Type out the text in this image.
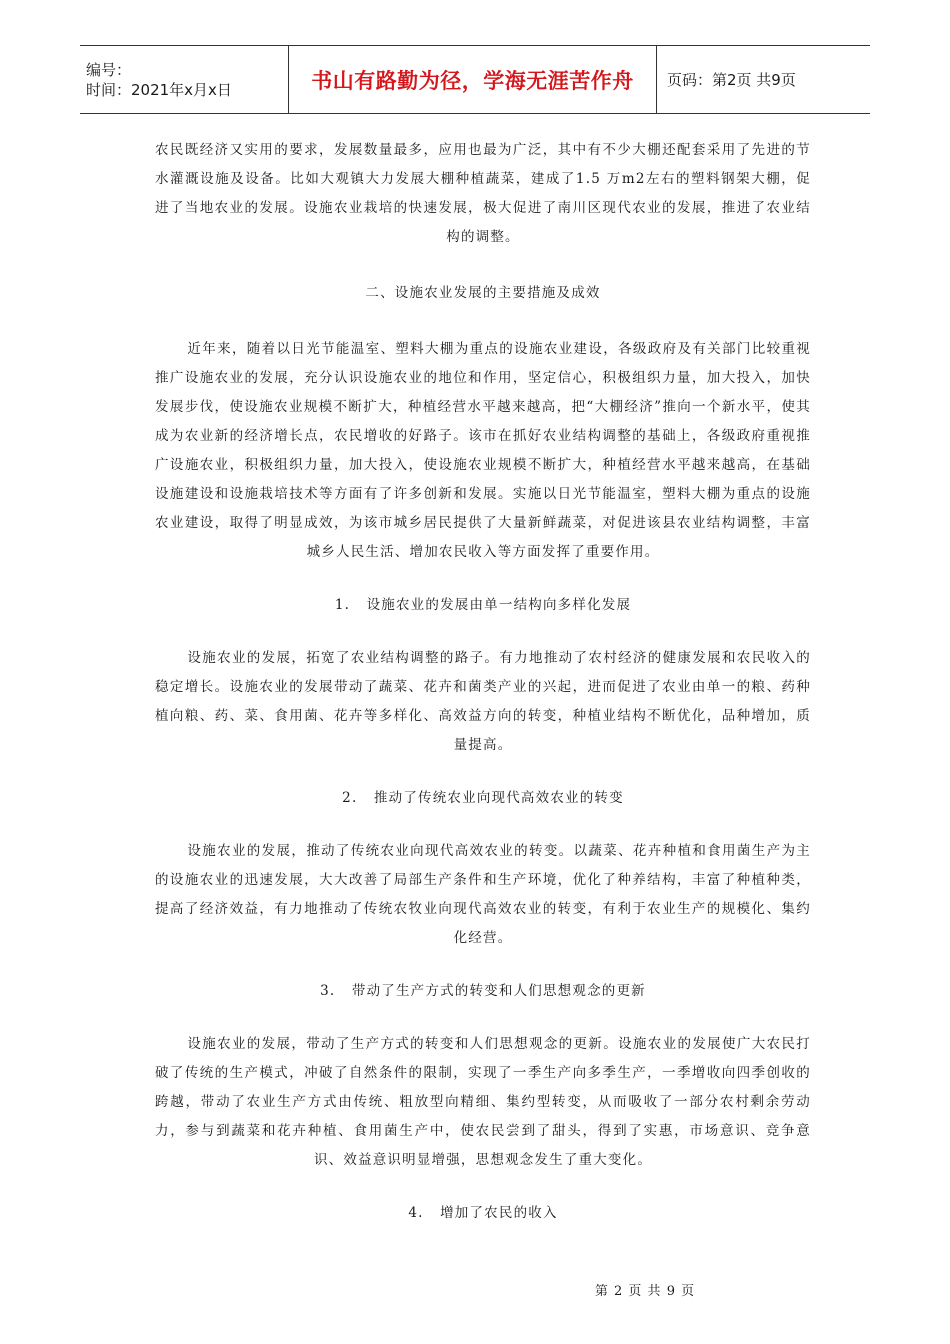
编号：
时间：2021年x月x日	书山有路勤为径，学海无涯苦作舟	页码：第2页 共9页

农民既经济又实用的要求，发展数量最多，应用也最为广泛，其中有不少大棚还配套采用了先进的节水灌溉设施及设备。比如大观镇大力发展大棚种植蔬菜，建成了1.5 万m2左右的塑料钢架大棚，促进了当地农业的发展。设施农业栽培的快速发展，极大促进了南川区现代农业的发展，推进了农业结构的调整。

二、设施农业发展的主要措施及成效

近年来，随着以日光节能温室、塑料大棚为重点的设施农业建设，各级政府及有关部门比较重视推广设施农业的发展，充分认识设施农业的地位和作用，坚定信心，积极组织力量，加大投入，加快发展步伐，使设施农业规模不断扩大，种植经营水平越来越高，把“大棚经济”推向一个新水平，使其成为农业新的经济增长点，农民增收的好路子。该市在抓好农业结构调整的基础上，各级政府重视推广设施农业，积极组织力量，加大投入，使设施农业规模不断扩大，种植经营水平越来越高，在基础设施建设和设施栽培技术等方面有了许多创新和发展。实施以日光节能温室，塑料大棚为重点的设施农业建设，取得了明显成效，为该市城乡居民提供了大量新鲜蔬菜，对促进该县农业结构调整，丰富城乡人民生活、增加农民收入等方面发挥了重要作用。

1.   设施农业的发展由单一结构向多样化发展

设施农业的发展，拓宽了农业结构调整的路子。有力地推动了农村经济的健康发展和农民收入的稳定增长。设施农业的发展带动了蔬菜、花卉和菌类产业的兴起，进而促进了农业由单一的粮、药种植向粮、药、菜、食用菌、花卉等多样化、高效益方向的转变，种植业结构不断优化，品种增加，质量提高。

2.   推动了传统农业向现代高效农业的转变

设施农业的发展，推动了传统农业向现代高效农业的转变。以蔬菜、花卉种植和食用菌生产为主的设施农业的迅速发展，大大改善了局部生产条件和生产环境，优化了种养结构，丰富了种植种类，提高了经济效益，有力地推动了传统农牧业向现代高效农业的转变，有利于农业生产的规模化、集约化经营。

3.   带动了生产方式的转变和人们思想观念的更新

设施农业的发展，带动了生产方式的转变和人们思想观念的更新。设施农业的发展使广大农民打破了传统的生产模式，冲破了自然条件的限制，实现了一季生产向多季生产，一季增收向四季创收的跨越，带动了农业生产方式由传统、粗放型向精细、集约型转变，从而吸收了一部分农村剩余劳动力，参与到蔬菜和花卉种植、食用菌生产中，使农民尝到了甜头，得到了实惠，市场意识、竞争意识、效益意识明显增强，思想观念发生了重大变化。

4.   增加了农民的收入

第 2 页 共 9 页
